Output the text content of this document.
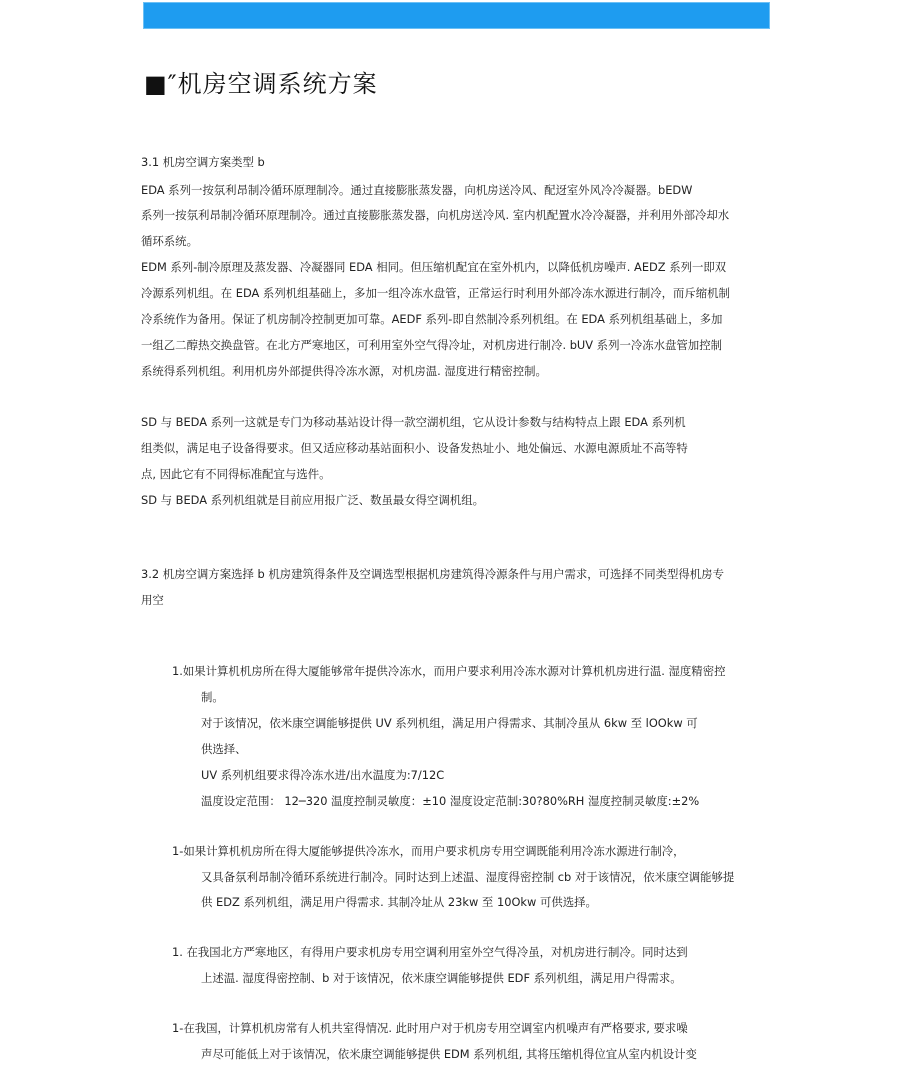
■″机房空调系统方案
3.1 机房空调方案类型 b
EDA 系列一按氛利昂制冷循环原理制冷。通过直接膨胀蒸发器，向机房送冷风、配迓室外风冷冷凝器。bEDW
系列一按氛利昂制冷循环原理制冷。通过直接膨胀蒸发器，向机房送冷风. 室内机配置水冷冷凝器，并利用外部冷却水
循环系统。
EDM 系列-制冷原理及蒸发器、冷凝器同 EDA 相同。但压缩机配宜在室外机内，以降低机房噪声. AEDZ 系列一即双
冷源系列机组。在 EDA 系列机组基础上，多加一组冷冻水盘管，正常运行时利用外部冷冻水源进行制冷，而斥缩机制
冷系统作为备用。保证了机房制冷控制更加可靠。AEDF 系列-即自然制冷系列机组。在 EDA 系列机组基础上，多加
一组乙二醇热交换盘管。在北方严寒地区，可利用室外空气得冷址，对机房进行制冷. bUV 系列一冷冻水盘管加控制
系统得系列机组。利用机房外部提供得冷冻水源，对机房温. 湿度进行精密控制。
SD 与 BEDA 系列一这就是专门为移动基站设计得一款空湖机组，它从设计参数与结构特点上跟 EDA 系列机
组类似，满足电子设备得要求。但又适应移动基站面积小、设备发热址小、地处偏远、水源电源质址不高等特
点, 因此它有不同得标准配宜与选件。
SD 与 BEDA 系列机组就是目前应用报广泛、数虽最女得空调机组。
3.2 机房空调方案选择 b 机房建筑得条件及空调选型根据机房建筑得冷源条件与用户需求，可选择不同类型得机房专
用空
1.如果计算机机房所在得大厦能够常年提供冷冻水，而用户要求利用冷冻水源对计算机机房进行温. 湿度精密控
制。
对于该情况，依米康空调能够提供 UV 系列机组，满足用户得需求、其制冷虽从 6kw 至 lOOkw 可
供选择、
UV 系列机组要求得冷冻水进/出水温度为:7/12C
温度设定范围： 12─320 温度控制灵敏度：±10 湿度设定范制:30?80%RH 湿度控制灵敏度:±2%
1-如果计算机机房所在得大厦能够提供冷冻水，而用户要求机房专用空调既能利用冷冻水源进行制冷，
又具备氛利昂制冷循环系统进行制冷。同时达到上述温、湿度得密控制 cb 对于该情况，依米康空调能够提
供 EDZ 系列机组，满足用户得需求. 其制冷址从 23kw 至 10Okw 可供选择。
1. 在我国北方严寒地区，有得用户要求机房专用空调利用室外空气得冷虽，对机房进行制冷。同时达到
上述温. 湿度得密控制、b 对于该情况，依米康空调能够提供 EDF 系列机组，满足用户得需求。
1-在我国，计算机机房常有人机共室得情况. 此时用户对于机房专用空调室内机噪声有严格要求, 要求噪
声尽可能低上对于该情况，依米康空调能够提供 EDM 系列机组, 其将压缩机得位宜从室内机设计变
